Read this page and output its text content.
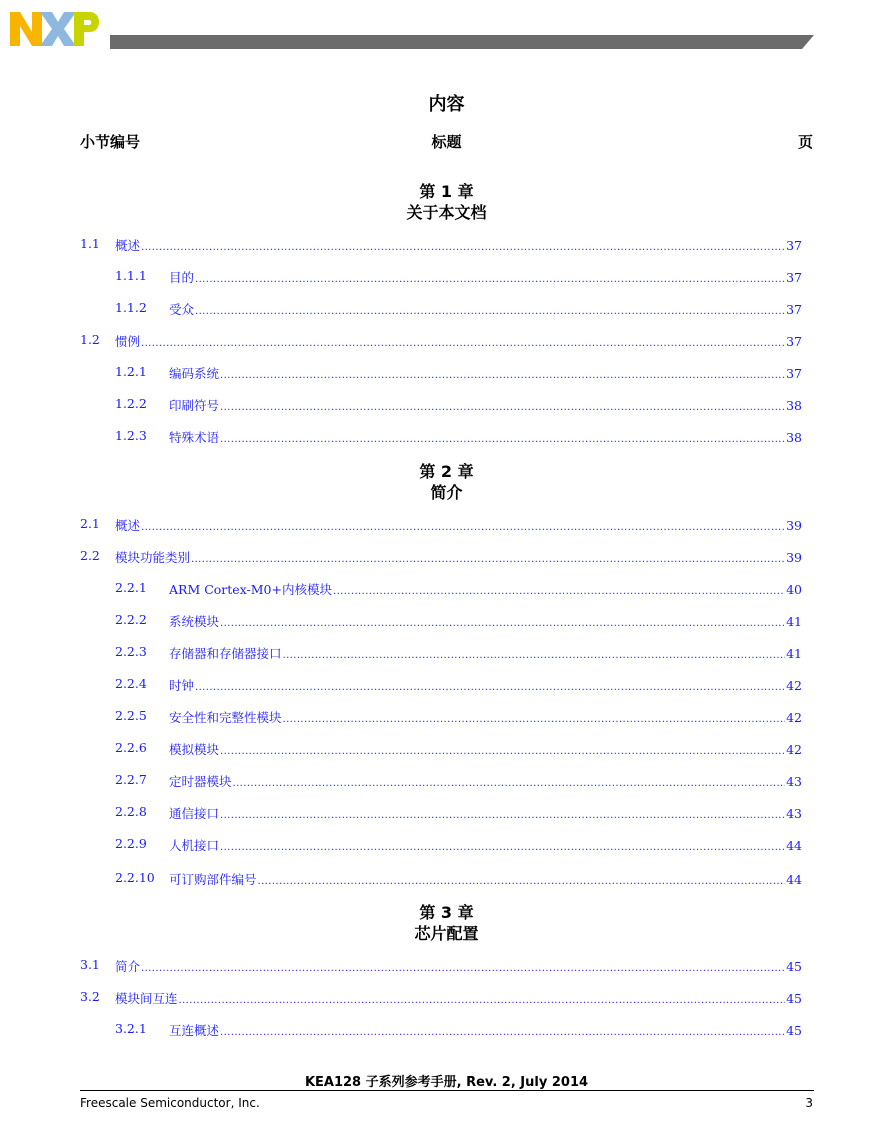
内容
小节编号	标题	页
第 1 章
关于本文档
第 2 章
简介
第 3 章
芯片配置
1.1 概述 .....	37
1.1.1 目的 .....	37
1.1.2 受众 .....	37
1.2 惯例 .....	37
1.2.1 编码系统 .....	37
1.2.2 印刷符号 .....	38
1.2.3 特殊术语 .....	38
2.1 概述 .....	39
2.2 模块功能类别 .....	39
2.2.1 ARM Cortex-M0+内核模块 .....	40
2.2.2 系统模块 .....	41
2.2.3 存储器和存储器接口 .....	41
2.2.4 时钟 .....	42
2.2.5 安全性和完整性模块 .....	42
2.2.6 模拟模块 .....	42
2.2.7 定时器模块 .....	43
2.2.8 通信接口 .....	43
2.2.9 人机接口 .....	44
2.2.10 可订购部件编号 .....	44
3.1 简介 .....	45
3.2 模块间互连 .....	45
3.2.1 互连概述 .....	45
KEA128 子系列参考手册, Rev. 2, July 2014
Freescale Semiconductor, Inc.	3
